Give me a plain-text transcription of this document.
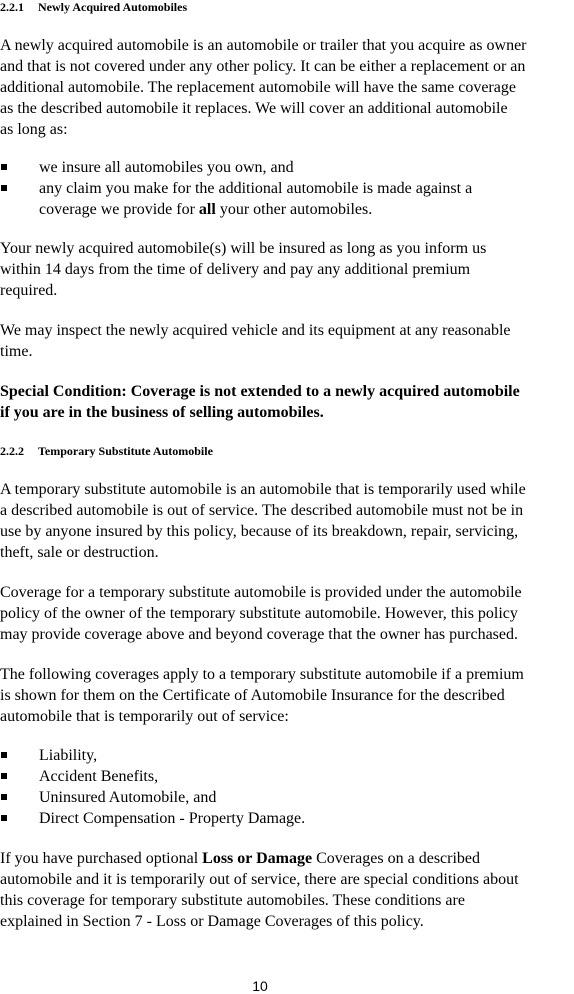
2.2.1 Newly Acquired Automobiles
A newly acquired automobile is an automobile or trailer that you acquire as owner
and that is not covered under any other policy. It can be either a replacement or an
additional automobile. The replacement automobile will have the same coverage
as the described automobile it replaces. We will cover an additional automobile
as long as:
we insure all automobiles you own, and
any claim you make for the additional automobile is made against a
coverage we provide for all your other automobiles.
Your newly acquired automobile(s) will be insured as long as you inform us
within 14 days from the time of delivery and pay any additional premium
required.
We may inspect the newly acquired vehicle and its equipment at any reasonable
time.
Special Condition: Coverage is not extended to a newly acquired automobile
if you are in the business of selling automobiles.
2.2.2 Temporary Substitute Automobile
A temporary substitute automobile is an automobile that is temporarily used while
a described automobile is out of service. The described automobile must not be in
use by anyone insured by this policy, because of its breakdown, repair, servicing,
theft, sale or destruction.
Coverage for a temporary substitute automobile is provided under the automobile
policy of the owner of the temporary substitute automobile. However, this policy
may provide coverage above and beyond coverage that the owner has purchased.
The following coverages apply to a temporary substitute automobile if a premium
is shown for them on the Certificate of Automobile Insurance for the described
automobile that is temporarily out of service:
Liability,
Accident Benefits,
Uninsured Automobile, and
Direct Compensation - Property Damage.
If you have purchased optional Loss or Damage Coverages on a described
automobile and it is temporarily out of service, there are special conditions about
this coverage for temporary substitute automobiles. These conditions are
explained in Section 7 - Loss or Damage Coverages of this policy.
10
